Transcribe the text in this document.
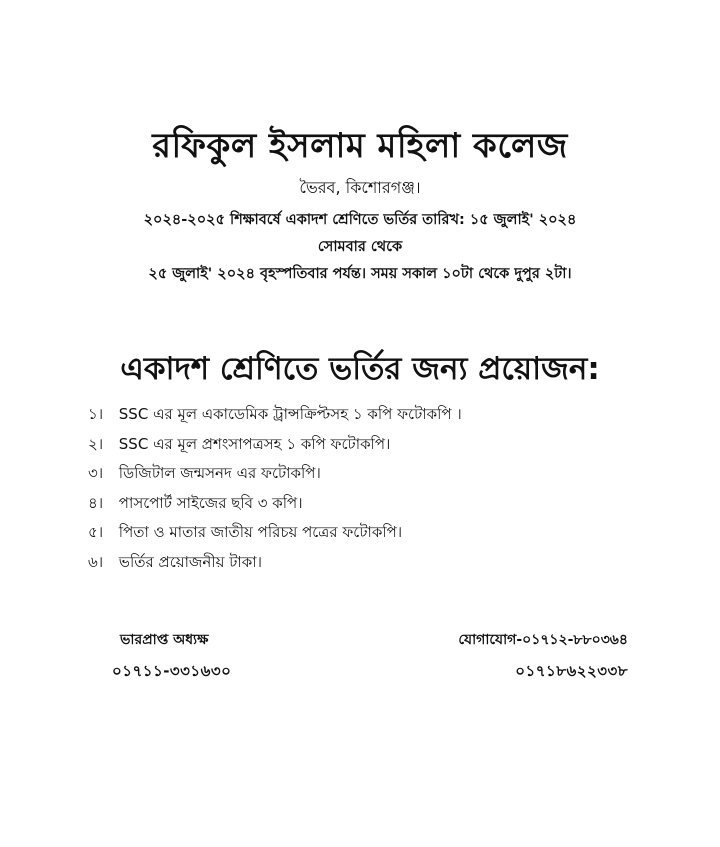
রফিকুল ইসলাম মহিলা কলেজ
ভৈরব, কিশোরগঞ্জ।
২০২৪-২০২৫ শিক্ষাবর্ষে একাদশ শ্রেণিতে ভর্তির তারিখ: ১৫ জুলাই' ২০২৪
সোমবার থেকে
২৫ জুলাই' ২০২৪ বৃহস্পতিবার পর্যন্ত। সময় সকাল ১০টা থেকে দুপুর ২টা।
একাদশ শ্রেণিতে ভর্তির জন্য প্রয়োজন:
১। SSC এর মূল একাডেমিক ট্রান্সক্রিপ্টসহ ১ কপি ফটোকপি ।
২। SSC এর মূল প্রশংসাপত্রসহ ১ কপি ফটোকপি।
৩। ডিজিটাল জন্মসনদ এর ফটোকপি।
৪। পাসপোর্ট সাইজের ছবি ৩ কপি।
৫। পিতা ও মাতার জাতীয় পরিচয় পত্রের ফটোকপি।
৬। ভর্তির প্রয়োজনীয় টাকা।
ভারপ্রাপ্ত অধ্যক্ষ
০১৭১১-৩৩১৬৩০
যোগাযোগ-০১৭১২-৮৮০৩৬৪
০১৭১৮৬২২৩৩৮
